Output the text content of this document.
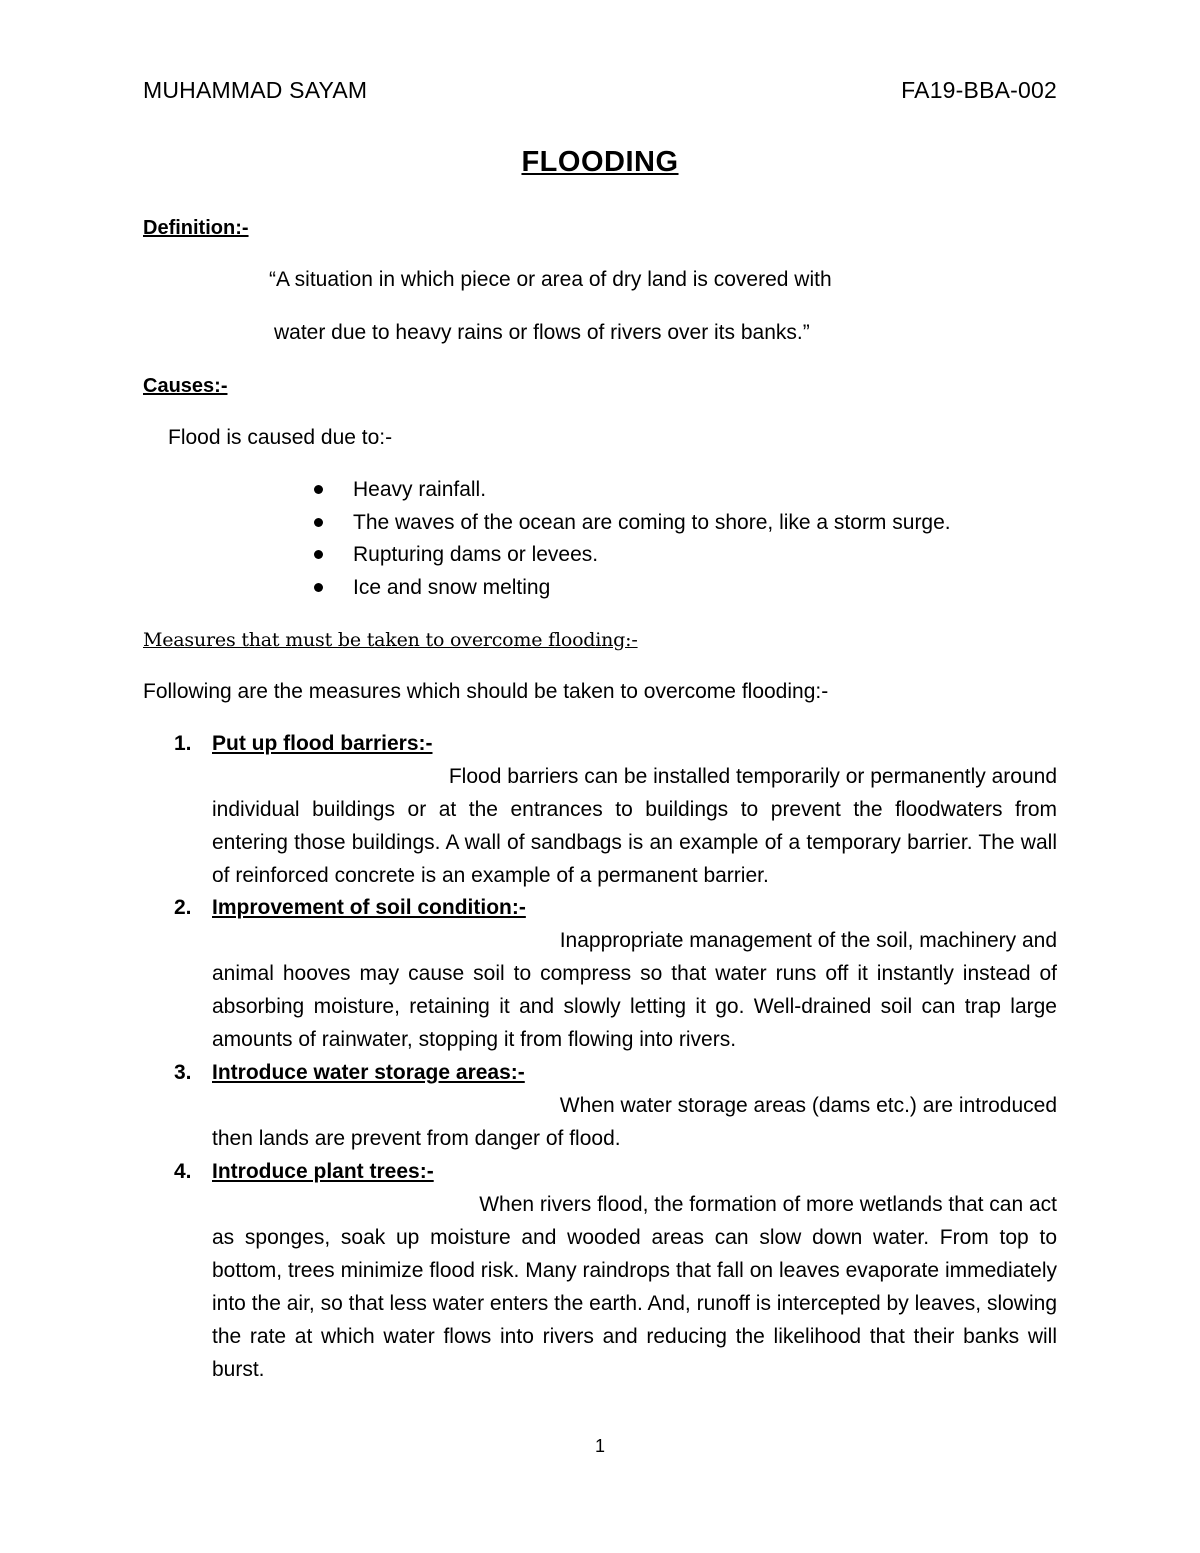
MUHAMMAD SAYAM	FA19-BBA-002
FLOODING
Definition:-
“A situation in which piece or area of dry land is covered with
water due to heavy rains or flows of rivers over its banks.”
Causes:-
Flood is caused due to:-
Heavy rainfall.
The waves of the ocean are coming to shore, like a storm surge.
Rupturing dams or levees.
Ice and snow melting
Measures that must be taken to overcome flooding:-
Following are the measures which should be taken to overcome flooding:-
1. Put up flood barriers:-
Flood barriers can be installed temporarily or permanently around
individual buildings or at the entrances to buildings to prevent the floodwaters from entering those buildings. A wall of sandbags is an example of a temporary barrier. The wall of reinforced concrete is an example of a permanent barrier.
2. Improvement of soil condition:-
Inappropriate management of the soil, machinery and
animal hooves may cause soil to compress so that water runs off it instantly instead of absorbing moisture, retaining it and slowly letting it go. Well-drained soil can trap large amounts of rainwater, stopping it from flowing into rivers.
3. Introduce water storage areas:-
When water storage areas (dams etc.) are introduced
then lands are prevent from danger of flood.
4. Introduce plant trees:-
When rivers flood, the formation of more wetlands that can act
as sponges, soak up moisture and wooded areas can slow down water. From top to bottom, trees minimize flood risk. Many raindrops that fall on leaves evaporate immediately into the air, so that less water enters the earth. And, runoff is intercepted by leaves, slowing the rate at which water flows into rivers and reducing the likelihood that their banks will burst.
1
